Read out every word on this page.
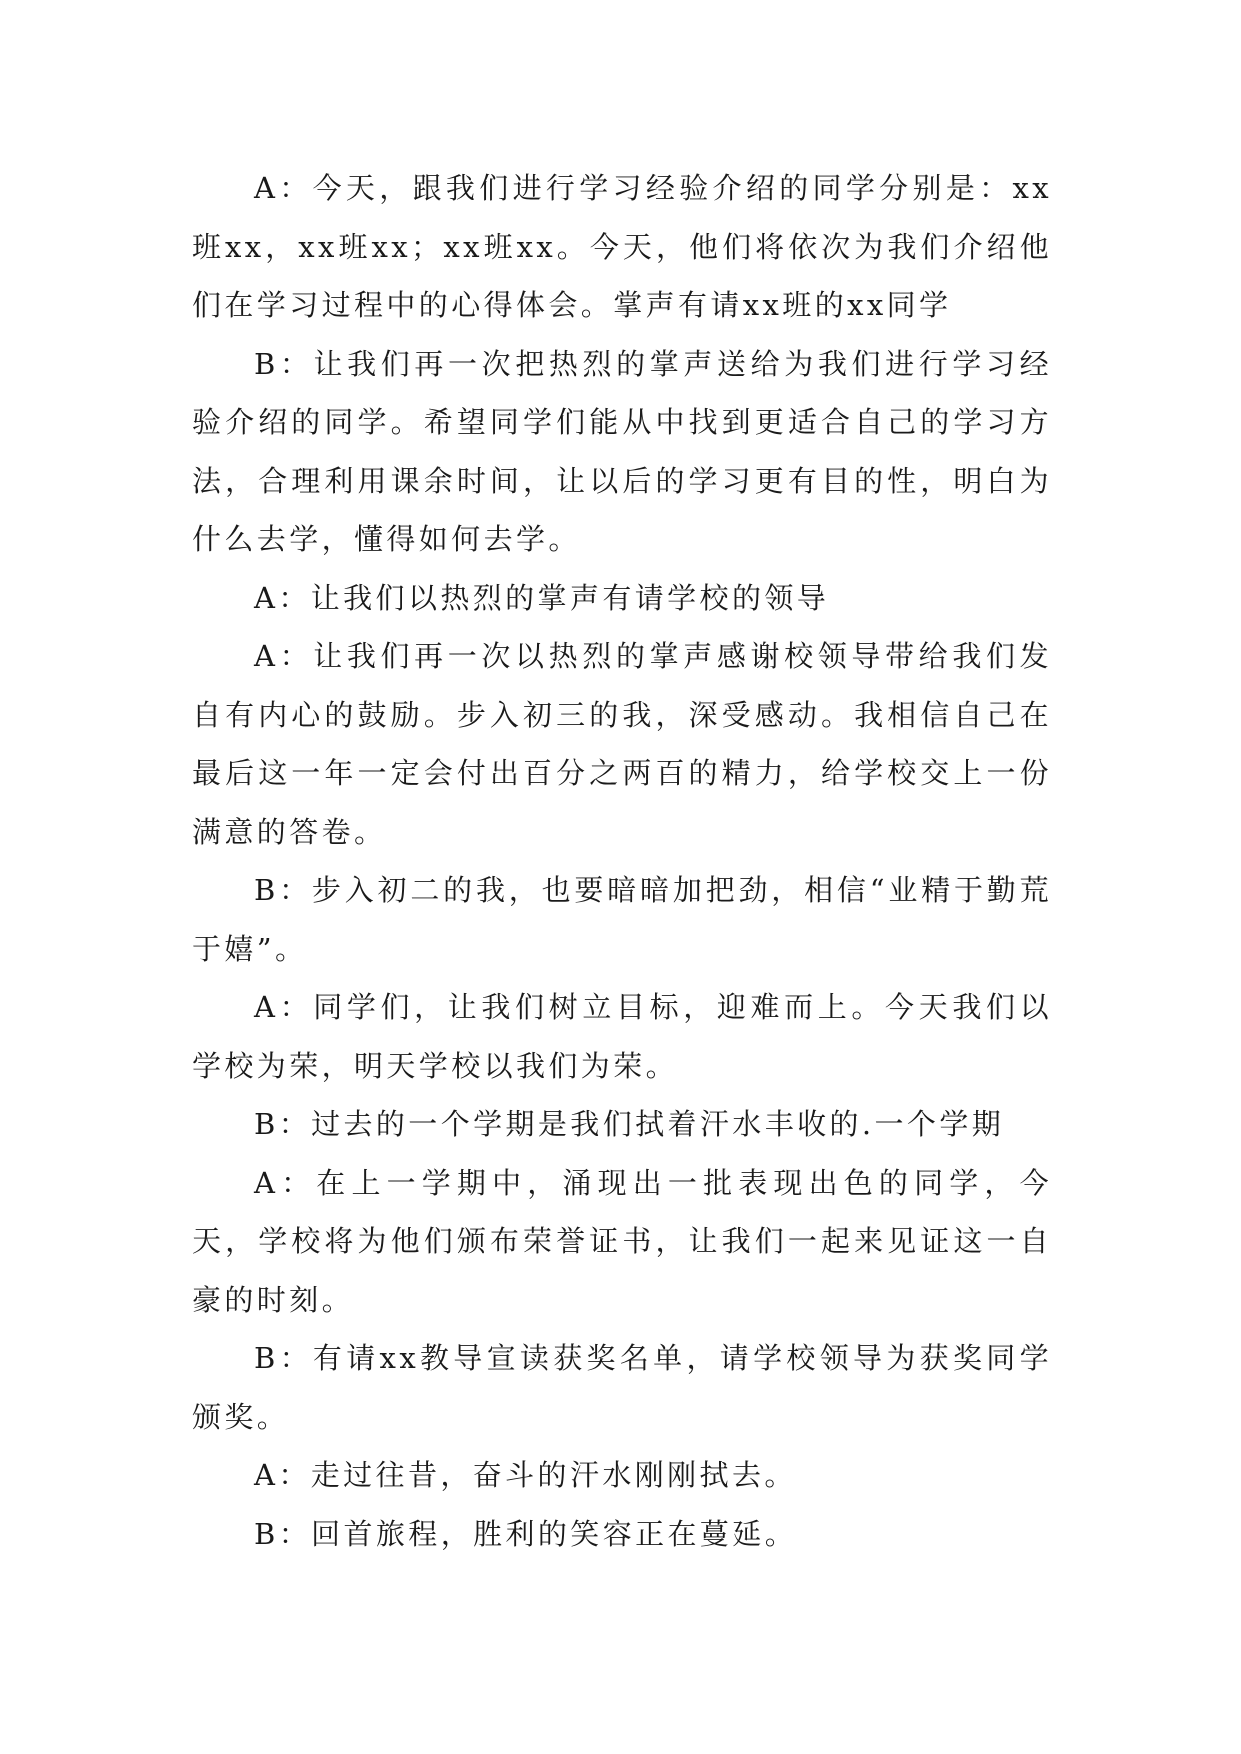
A：今天，跟我们进行学习经验介绍的同学分别是：xx班xx，xx班xx；xx班xx。今天，他们将依次为我们介绍他们在学习过程中的心得体会。掌声有请xx班的xx同学

B：让我们再一次把热烈的掌声送给为我们进行学习经验介绍的同学。希望同学们能从中找到更适合自己的学习方法，合理利用课余时间，让以后的学习更有目的性，明白为什么去学，懂得如何去学。

A：让我们以热烈的掌声有请学校的领导

A：让我们再一次以热烈的掌声感谢校领导带给我们发自有内心的鼓励。步入初三的我，深受感动。我相信自己在最后这一年一定会付出百分之两百的精力，给学校交上一份满意的答卷。

B：步入初二的我，也要暗暗加把劲，相信“业精于勤荒于嬉”。

A：同学们，让我们树立目标，迎难而上。今天我们以学校为荣，明天学校以我们为荣。

B：过去的一个学期是我们拭着汗水丰收的.一个学期

A：在上一学期中，涌现出一批表现出色的同学，今天，学校将为他们颁布荣誉证书，让我们一起来见证这一自豪的时刻。

B：有请xx教导宣读获奖名单，请学校领导为获奖同学颁奖。

A：走过往昔，奋斗的汗水刚刚拭去。

B：回首旅程，胜利的笑容正在蔓延。
